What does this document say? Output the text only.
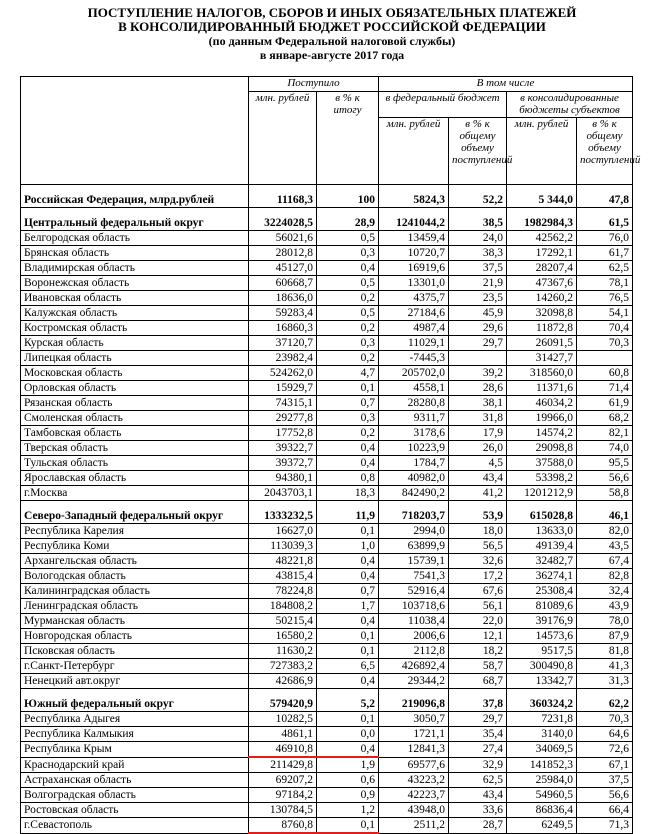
ПОСТУПЛЕНИЕ НАЛОГОВ, СБОРОВ И ИНЫХ ОБЯЗАТЕЛЬНЫХ ПЛАТЕЖЕЙ
В КОНСОЛИДИРОВАННЫЙ БЮДЖЕТ РОССИЙСКОЙ ФЕДЕРАЦИИ
(по данным Федеральной налоговой службы)
в январе-августе 2017 года
	Поступило		В том числе			
	млн. рублей	в % к итогу	в федеральный бюджет		в консолидированные бюджеты субъектов	
			млн. рублей	в % к общему объему поступлений	млн. рублей	в % к общему объему поступлений
Российская Федерация, млрд.рублей	11168,3	100	5824,3	52,2	5 344,0	47,8
Центральный федеральный округ	3224028,5	28,9	1241044,2	38,5	1982984,3	61,5
Белгородская область	56021,6	0,5	13459,4	24,0	42562,2	76,0
Брянская область	28012,8	0,3	10720,7	38,3	17292,1	61,7
Владимирская область	45127,0	0,4	16919,6	37,5	28207,4	62,5
Воронежская область	60668,7	0,5	13301,0	21,9	47367,6	78,1
Ивановская область	18636,0	0,2	4375,7	23,5	14260,2	76,5
Калужская область	59283,4	0,5	27184,6	45,9	32098,8	54,1
Костромская область	16860,3	0,2	4987,4	29,6	11872,8	70,4
Курская область	37120,7	0,3	11029,1	29,7	26091,5	70,3
Липецкая область	23982,4	0,2	-7445,3		31427,7	
Московская область	524262,0	4,7	205702,0	39,2	318560,0	60,8
Орловская область	15929,7	0,1	4558,1	28,6	11371,6	71,4
Рязанская область	74315,1	0,7	28280,8	38,1	46034,2	61,9
Смоленская область	29277,8	0,3	9311,7	31,8	19966,0	68,2
Тамбовская область	17752,8	0,2	3178,6	17,9	14574,2	82,1
Тверская область	39322,7	0,4	10223,9	26,0	29098,8	74,0
Тульская область	39372,7	0,4	1784,7	4,5	37588,0	95,5
Ярославская область	94380,1	0,8	40982,0	43,4	53398,2	56,6
г.Москва	2043703,1	18,3	842490,2	41,2	1201212,9	58,8
Северо-Западный федеральный округ	1333232,5	11,9	718203,7	53,9	615028,8	46,1
Республика Карелия	16627,0	0,1	2994,0	18,0	13633,0	82,0
Республика Коми	113039,3	1,0	63899,9	56,5	49139,4	43,5
Архангельская область	48221,8	0,4	15739,1	32,6	32482,7	67,4
Вологодская область	43815,4	0,4	7541,3	17,2	36274,1	82,8
Калининградская область	78224,8	0,7	52916,4	67,6	25308,4	32,4
Ленинградская область	184808,2	1,7	103718,6	56,1	81089,6	43,9
Мурманская область	50215,4	0,4	11038,4	22,0	39176,9	78,0
Новгородская область	16580,2	0,1	2006,6	12,1	14573,6	87,9
Псковская область	11630,2	0,1	2112,8	18,2	9517,5	81,8
г.Санкт-Петербург	727383,2	6,5	426892,4	58,7	300490,8	41,3
Ненецкий авт.округ	42686,9	0,4	29344,2	68,7	13342,7	31,3
Южный федеральный округ	579420,9	5,2	219096,8	37,8	360324,2	62,2
Республика Адыгея	10282,5	0,1	3050,7	29,7	7231,8	70,3
Республика Калмыкия	4861,1	0,0	1721,1	35,4	3140,0	64,6
Республика Крым	46910,8	0,4	12841,3	27,4	34069,5	72,6
Краснодарский край	211429,8	1,9	69577,6	32,9	141852,3	67,1
Астраханская область	69207,2	0,6	43223,2	62,5	25984,0	37,5
Волгоградская область	97184,2	0,9	42223,7	43,4	54960,5	56,6
Ростовская область	130784,5	1,2	43948,0	33,6	86836,4	66,4
г.Севастополь	8760,8	0,1	2511,2	28,7	6249,5	71,3
